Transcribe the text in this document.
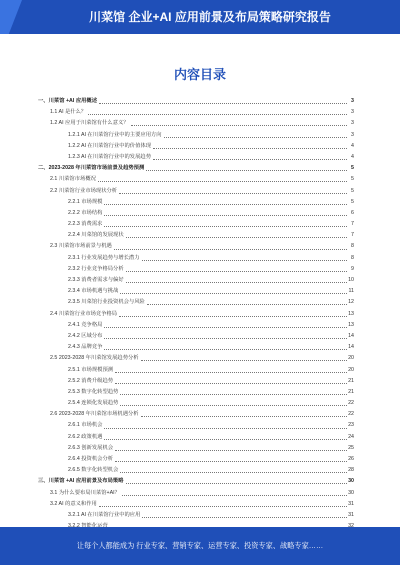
川菜馆 企业+AI 应用前景及布局策略研究报告
内容目录
一、川菜馆 +AI 应用概述	3
1.1 AI 是什么？	3
1.2 AI 应用于川菜馆有什么意义？	3
1.2.1 AI 在川菜馆行业中的主要应用方向	3
1.2.2 AI 在川菜馆行业中的价值体现	4
1.2.3 AI 在川菜馆行业中的发展趋势	4
二、2023-2028 年川菜馆市场前景及趋势预测	5
2.1 川菜馆市场概况	5
2.2 川菜馆行业市场现状分析	5
2.2.1 市场规模	5
2.2.2 市场结构	6
2.2.3 消费需求	7
2.2.4 川菜馆的发展现状	7
2.3 川菜馆市场前景与机遇	8
2.3.1 行业发展趋势与增长潜力	8
2.3.2 行业竞争格局分析	9
2.3.3 消费者需求与偏好	10
2.3.4 市场机遇与挑战	11
2.3.5 川菜馆行业投资机会与风险	12
2.4 川菜馆行业市场竞争格局	13
2.4.1 竞争格局	13
2.4.2 区域分布	14
2.4.3 品牌竞争	14
2.5 2023-2028 年川菜馆发展趋势分析	20
2.5.1 市场规模预测	20
2.5.2 消费升级趋势	21
2.5.3 数字化转型趋势	21
2.5.4 连锁化发展趋势	22
2.6 2023-2028 年川菜馆市场机遇分析	22
2.6.1 市场机会	23
2.6.2 政策机遇	24
2.6.3 创新发展机会	25
2.6.4 投资机会分析	26
2.6.5 数字化转型机会	28
三、川菜馆 +AI 应用前景及布局策略	30
3.1 为什么要布局川菜馆+AI？	30
3.2 AI 的意义和作用	31
3.2.1 AI 在川菜馆行业中的应用	31
让每个人都能成为 行业专家、营销专家、运营专家、投资专家、战略专家……
